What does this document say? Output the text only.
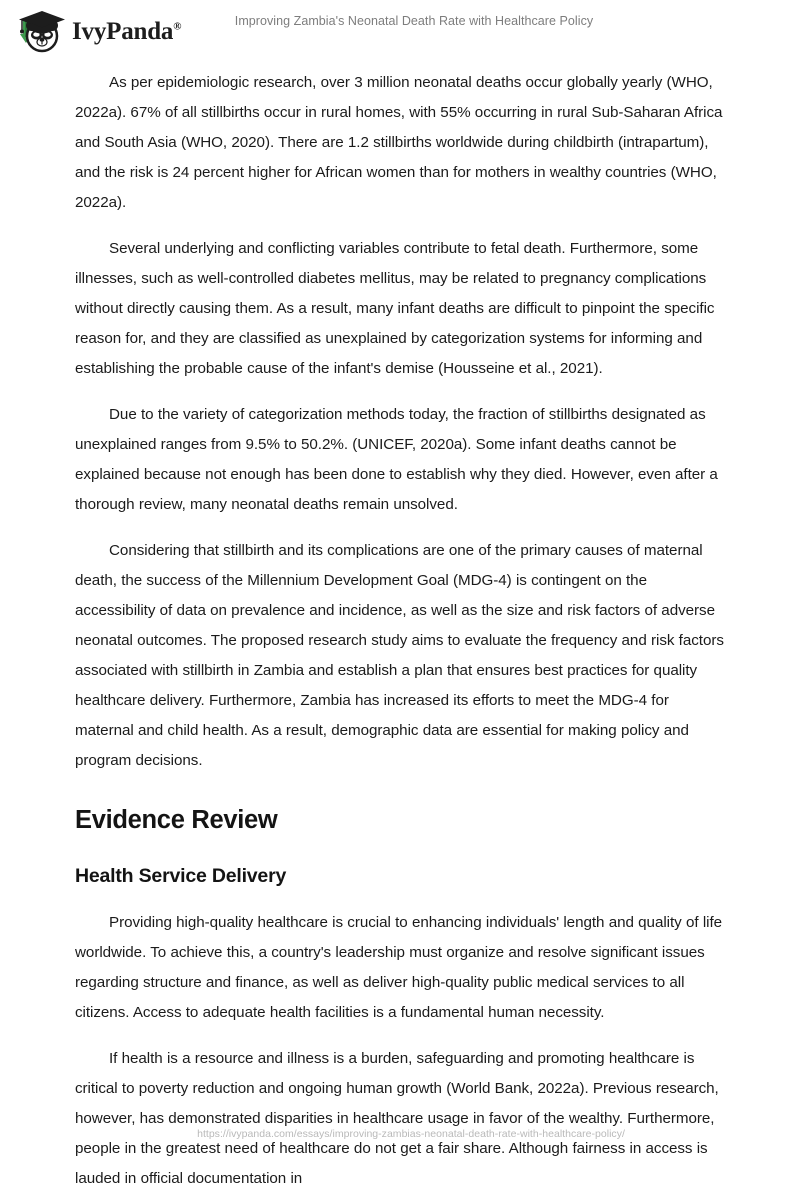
IvyPanda®	Improving Zambia's Neonatal Death Rate with Healthcare Policy

As per epidemiologic research, over 3 million neonatal deaths occur globally yearly (WHO, 2022a). 67% of all stillbirths occur in rural homes, with 55% occurring in rural Sub-Saharan Africa and South Asia (WHO, 2020). There are 1.2 stillbirths worldwide during childbirth (intrapartum), and the risk is 24 percent higher for African women than for mothers in wealthy countries (WHO, 2022a).

Several underlying and conflicting variables contribute to fetal death. Furthermore, some illnesses, such as well-controlled diabetes mellitus, may be related to pregnancy complications without directly causing them. As a result, many infant deaths are difficult to pinpoint the specific reason for, and they are classified as unexplained by categorization systems for informing and establishing the probable cause of the infant's demise (Housseine et al., 2021).

Due to the variety of categorization methods today, the fraction of stillbirths designated as unexplained ranges from 9.5% to 50.2%. (UNICEF, 2020a). Some infant deaths cannot be explained because not enough has been done to establish why they died. However, even after a thorough review, many neonatal deaths remain unsolved.

Considering that stillbirth and its complications are one of the primary causes of maternal death, the success of the Millennium Development Goal (MDG-4) is contingent on the accessibility of data on prevalence and incidence, as well as the size and risk factors of adverse neonatal outcomes. The proposed research study aims to evaluate the frequency and risk factors associated with stillbirth in Zambia and establish a plan that ensures best practices for quality healthcare delivery. Furthermore, Zambia has increased its efforts to meet the MDG-4 for maternal and child health. As a result, demographic data are essential for making policy and program decisions.

Evidence Review
Health Service Delivery

Providing high-quality healthcare is crucial to enhancing individuals' length and quality of life worldwide. To achieve this, a country's leadership must organize and resolve significant issues regarding structure and finance, as well as deliver high-quality public medical services to all citizens. Access to adequate health facilities is a fundamental human necessity.

If health is a resource and illness is a burden, safeguarding and promoting healthcare is critical to poverty reduction and ongoing human growth (World Bank, 2022a). Previous research, however, has demonstrated disparities in healthcare usage in favor of the wealthy. Furthermore, people in the greatest need of healthcare do not get a fair share. Although fairness in access is lauded in official documentation in

https://ivypanda.com/essays/improving-zambias-neonatal-death-rate-with-healthcare-policy/
